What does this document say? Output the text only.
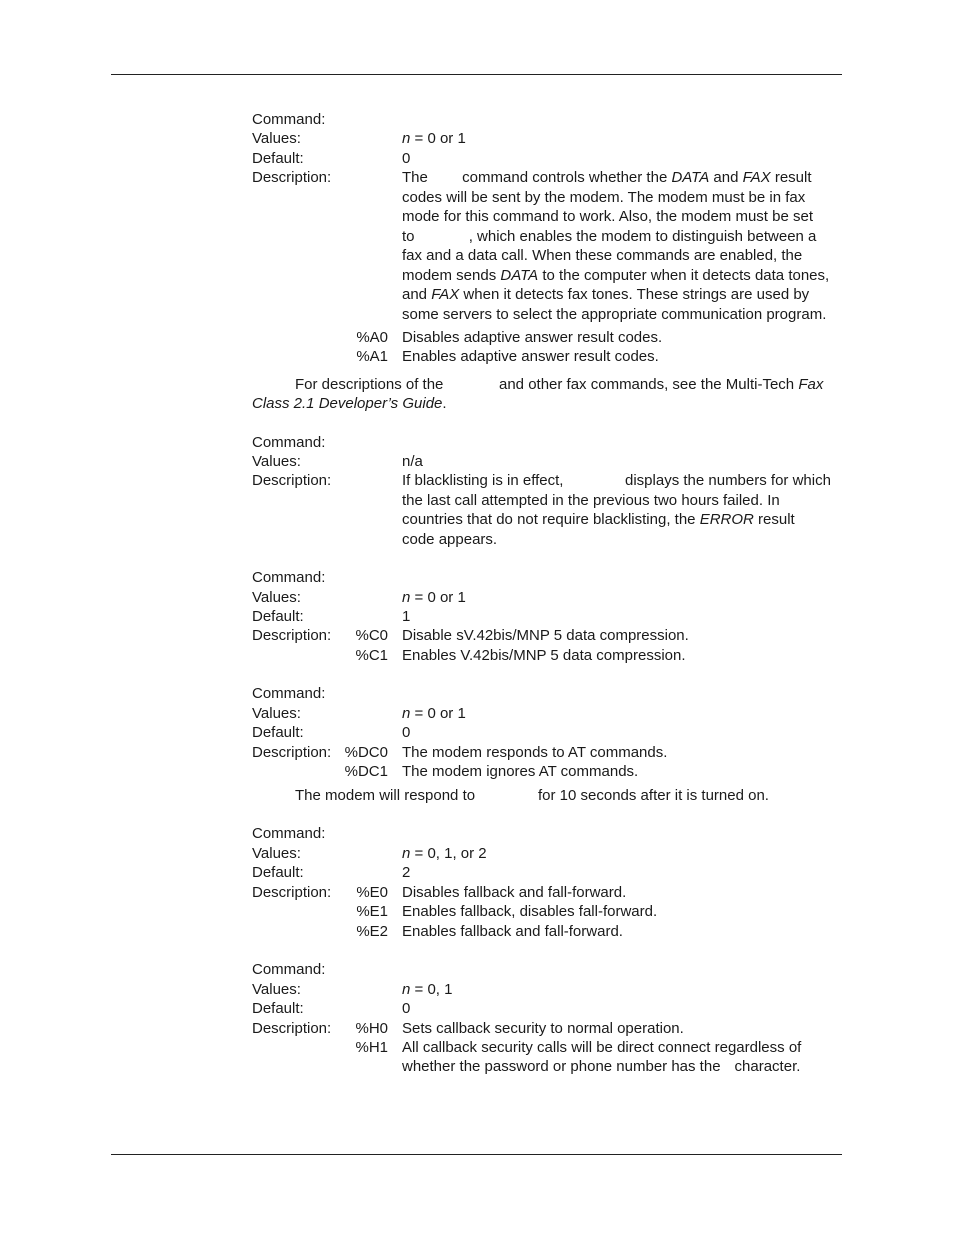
Command:
Values:	n = 0 or 1
Default:	0
Description:	The  command controls whether the DATA and FAX result
codes will be sent by the modem. The modem must be in fax
mode for this command to work. Also, the modem must be set
to	, which enables the modem to distinguish between a
fax and a data call. When these commands are enabled, the
modem sends DATA to the computer when it detects data tones,
and FAX when it detects fax tones. These strings are used by
some servers to select the appropriate communication program.
%A0 Disables adaptive answer result codes.
%A1 Enables adaptive answer result codes.
For descriptions of the	and other fax commands, see the Multi-Tech Fax
Class 2.1 Developer’s Guide.
Command:
Values:	n/a
Description:	If blacklisting is in effect,	displays the numbers for which
the last call attempted in the previous two hours failed. In
countries that do not require blacklisting, the ERROR result
code appears.
Command:
Values:	n = 0 or 1
Default:	1
Description:	%C0 Disable sV.42bis/MNP 5 data compression.
%C1 Enables V.42bis/MNP 5 data compression.
Command:
Values:	n = 0 or 1
Default:	0
Description: %DC0 The modem responds to AT commands.
%DC1 The modem ignores AT commands.
The modem will respond to	for 10 seconds after it is turned on.
Command:
Values:	n = 0, 1, or 2
Default:	2
Description:	%E0 Disables fallback and fall-forward.
%E1 Enables fallback, disables fall-forward.
%E2 Enables fallback and fall-forward.
Command:
Values:	n = 0, 1
Default:	0
Description:	%H0 Sets callback security to normal operation.
%H1 All callback security calls will be direct connect regardless of
whether the password or phone number has the character.
